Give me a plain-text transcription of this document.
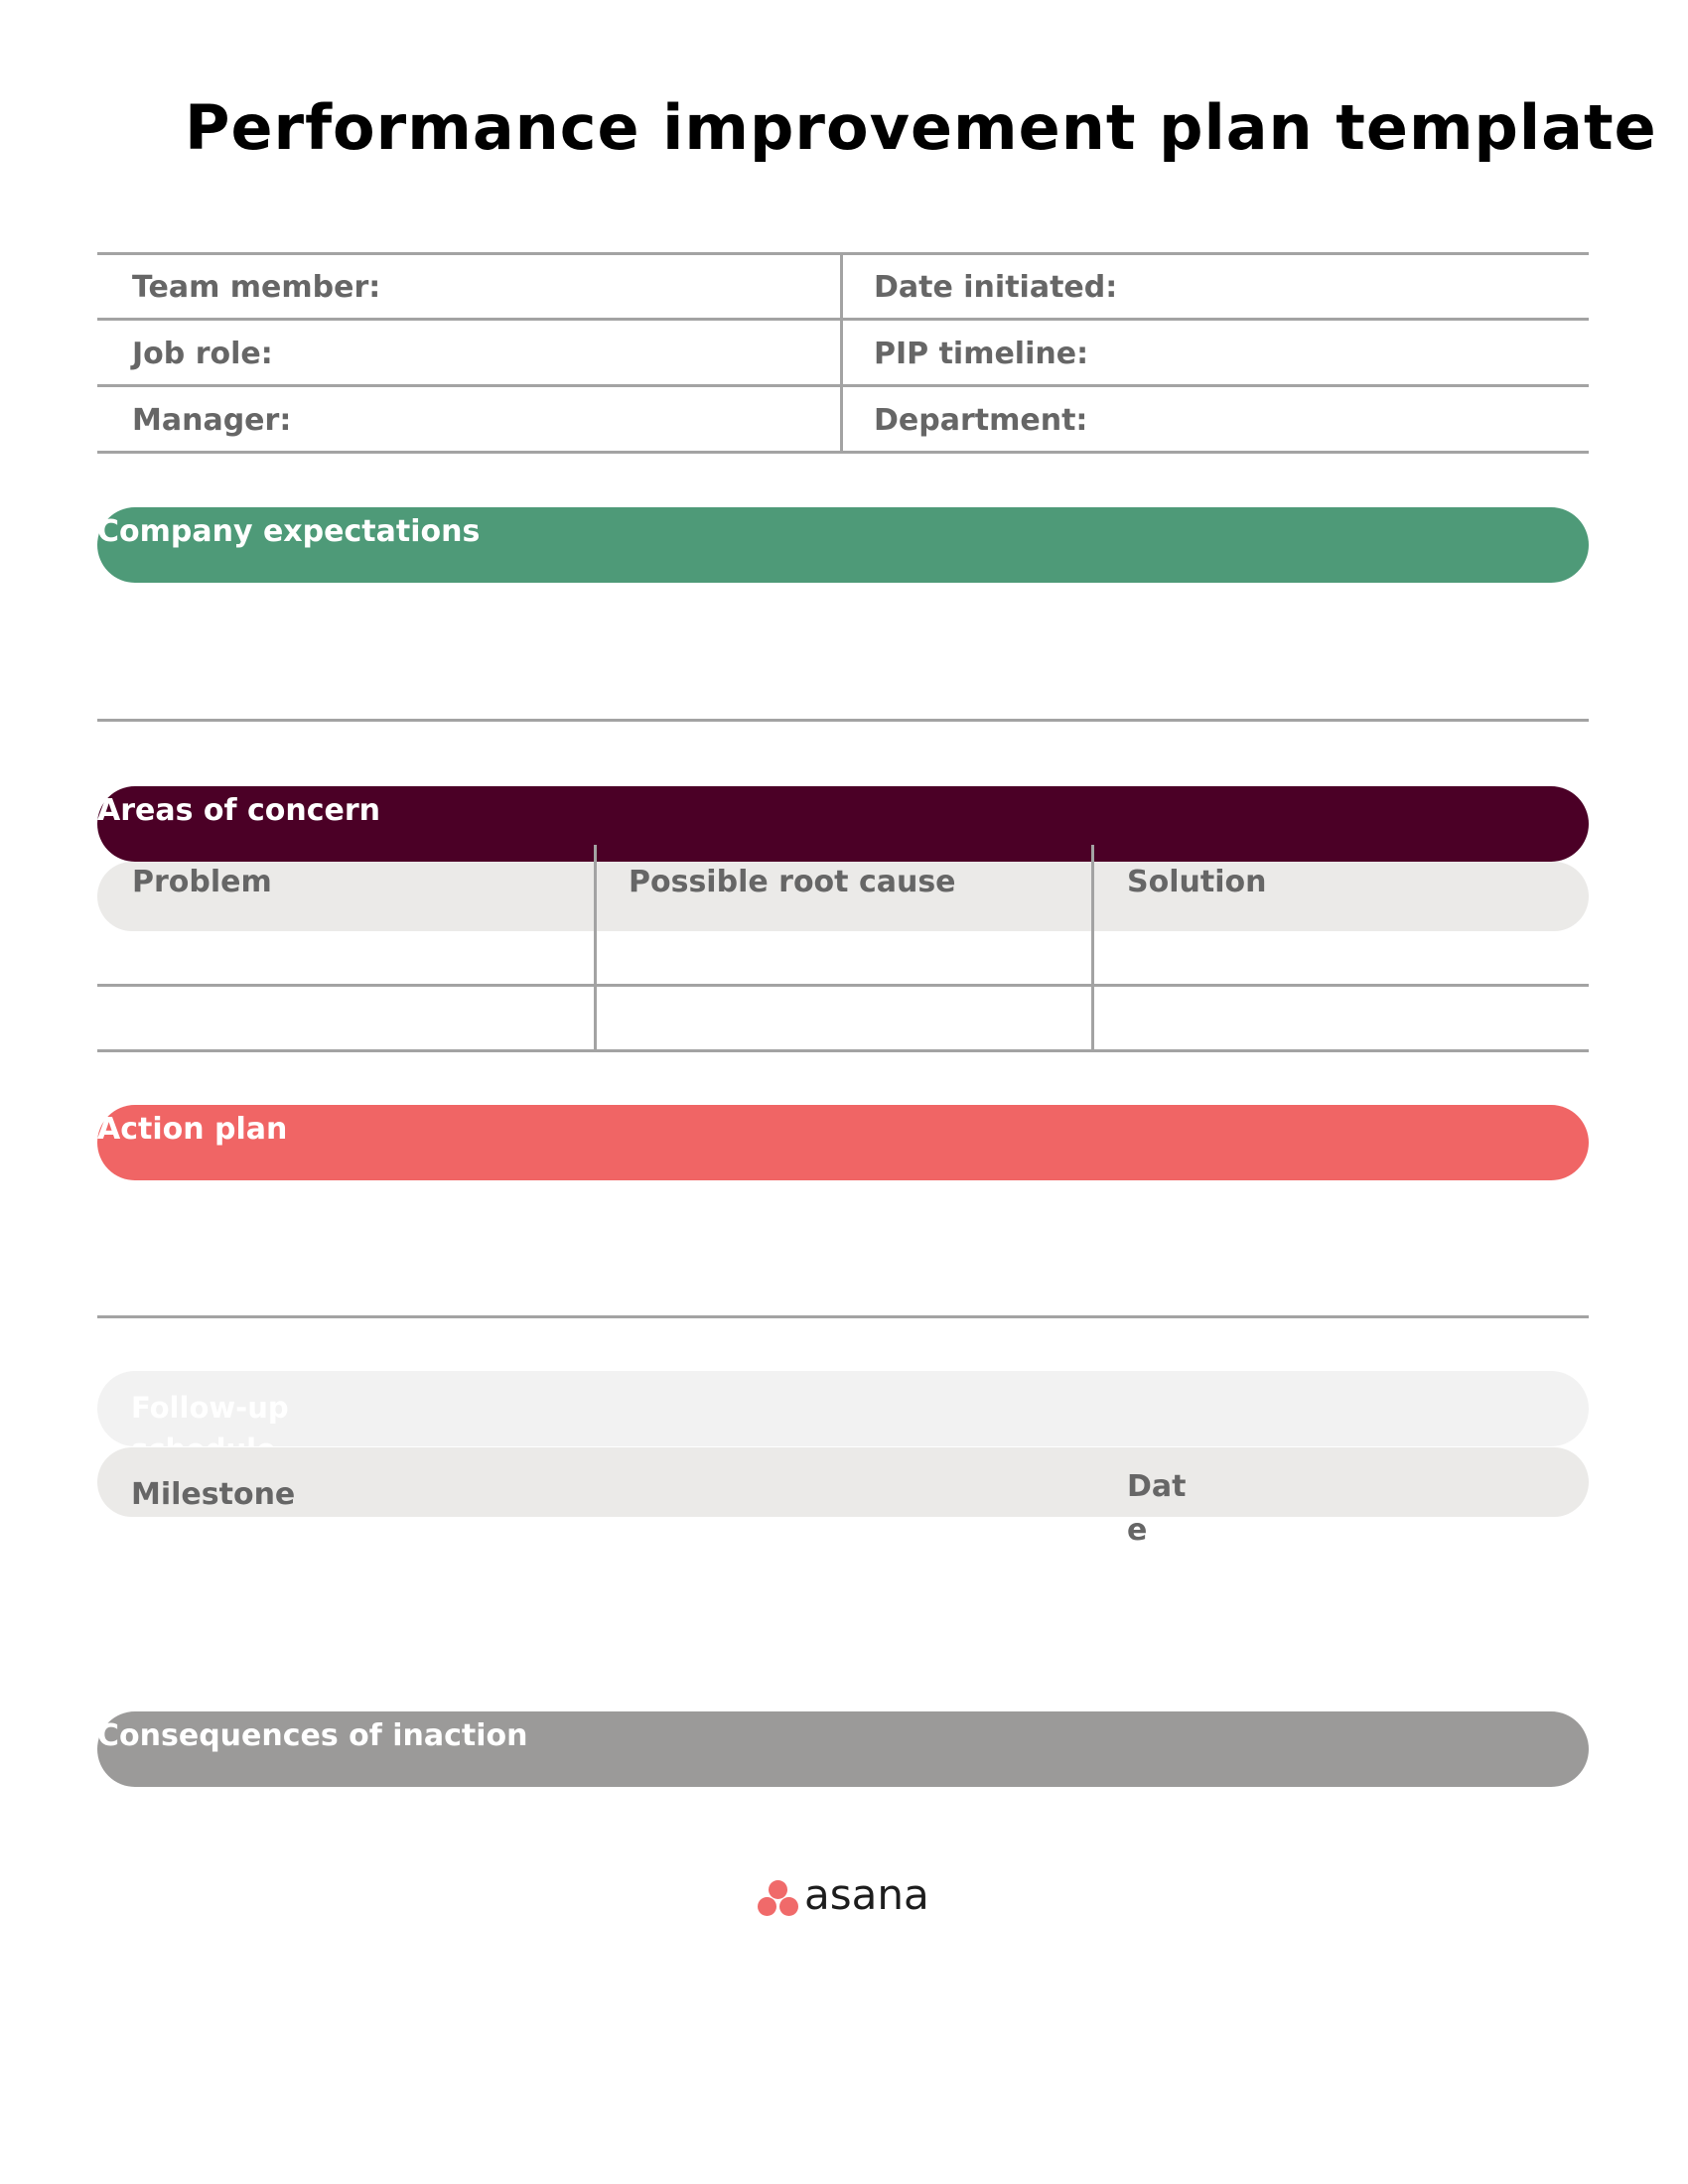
Performance improvement plan template
Team member:	Date initiated:
Job role:	PIP timeline:
Manager:	Department:
Company expectations
Areas of concern
Problem	Possible root cause	Solution
Action plan
Follow-up
Milestone	Dat e
Consequences of inaction
asana
